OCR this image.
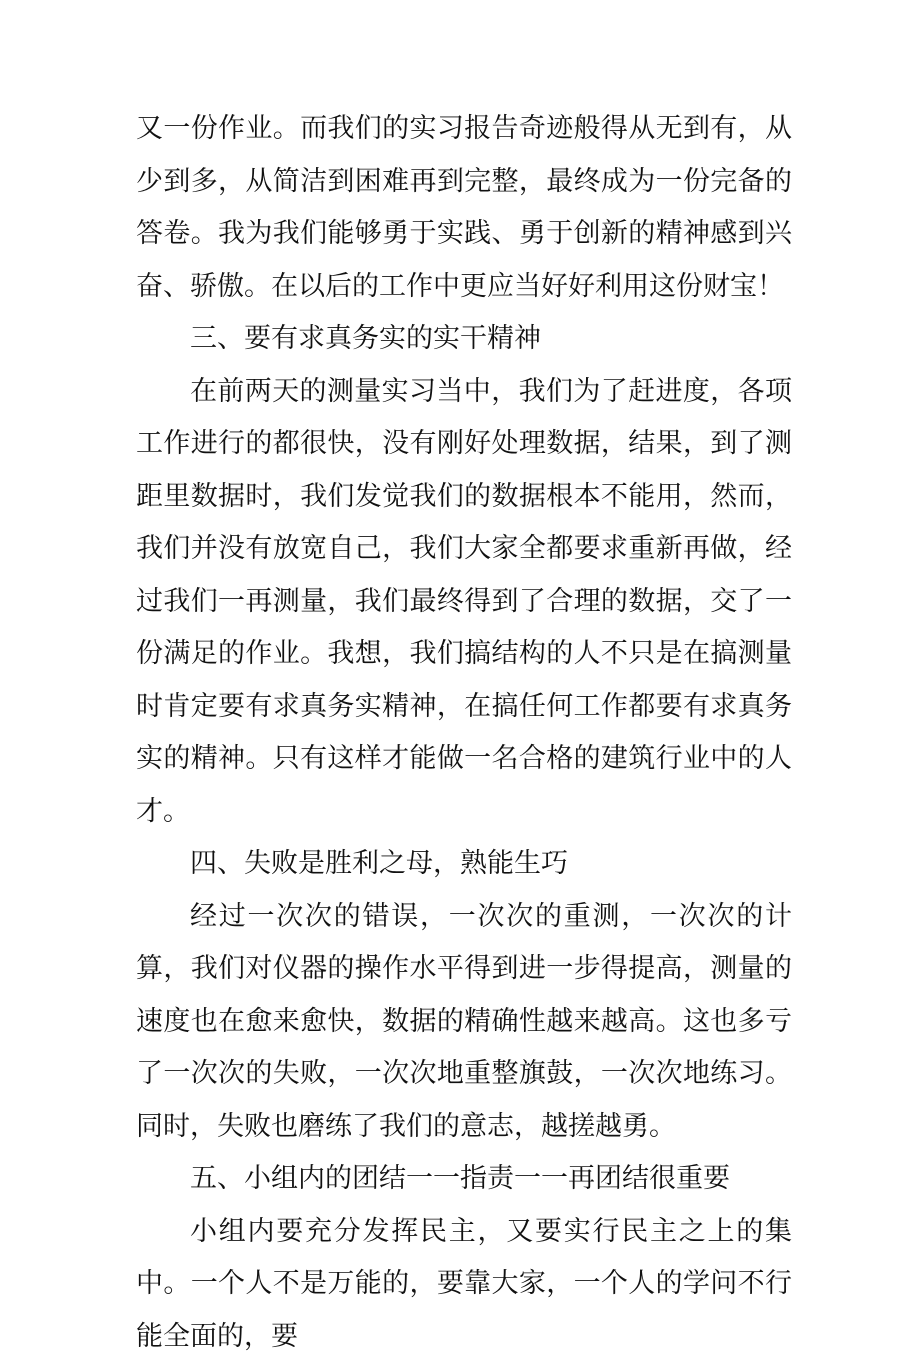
又一份作业。而我们的实习报告奇迹般得从无到有，从少到多，从简洁到困难再到完整，最终成为一份完备的答卷。我为我们能够勇于实践、勇于创新的精神感到兴奋、骄傲。在以后的工作中更应当好好利用这份财宝！

三、要有求真务实的实干精神

在前两天的测量实习当中，我们为了赶进度，各项工作进行的都很快，没有刚好处理数据，结果，到了测距里数据时，我们发觉我们的数据根本不能用，然而，我们并没有放宽自己，我们大家全都要求重新再做，经过我们一再测量，我们最终得到了合理的数据，交了一份满足的作业。我想，我们搞结构的人不只是在搞测量时肯定要有求真务实精神，在搞任何工作都要有求真务实的精神。只有这样才能做一名合格的建筑行业中的人才。

四、失败是胜利之母，熟能生巧

经过一次次的错误，一次次的重测，一次次的计算，我们对仪器的操作水平得到进一步得提高，测量的速度也在愈来愈快，数据的精确性越来越高。这也多亏了一次次的失败，一次次地重整旗鼓，一次次地练习。同时，失败也磨练了我们的意志，越搓越勇。

五、小组内的团结一一指责一一再团结很重要

小组内要充分发挥民主，又要实行民主之上的集中。一个人不是万能的，要靠大家，一个人的学问不行能全面的，要
